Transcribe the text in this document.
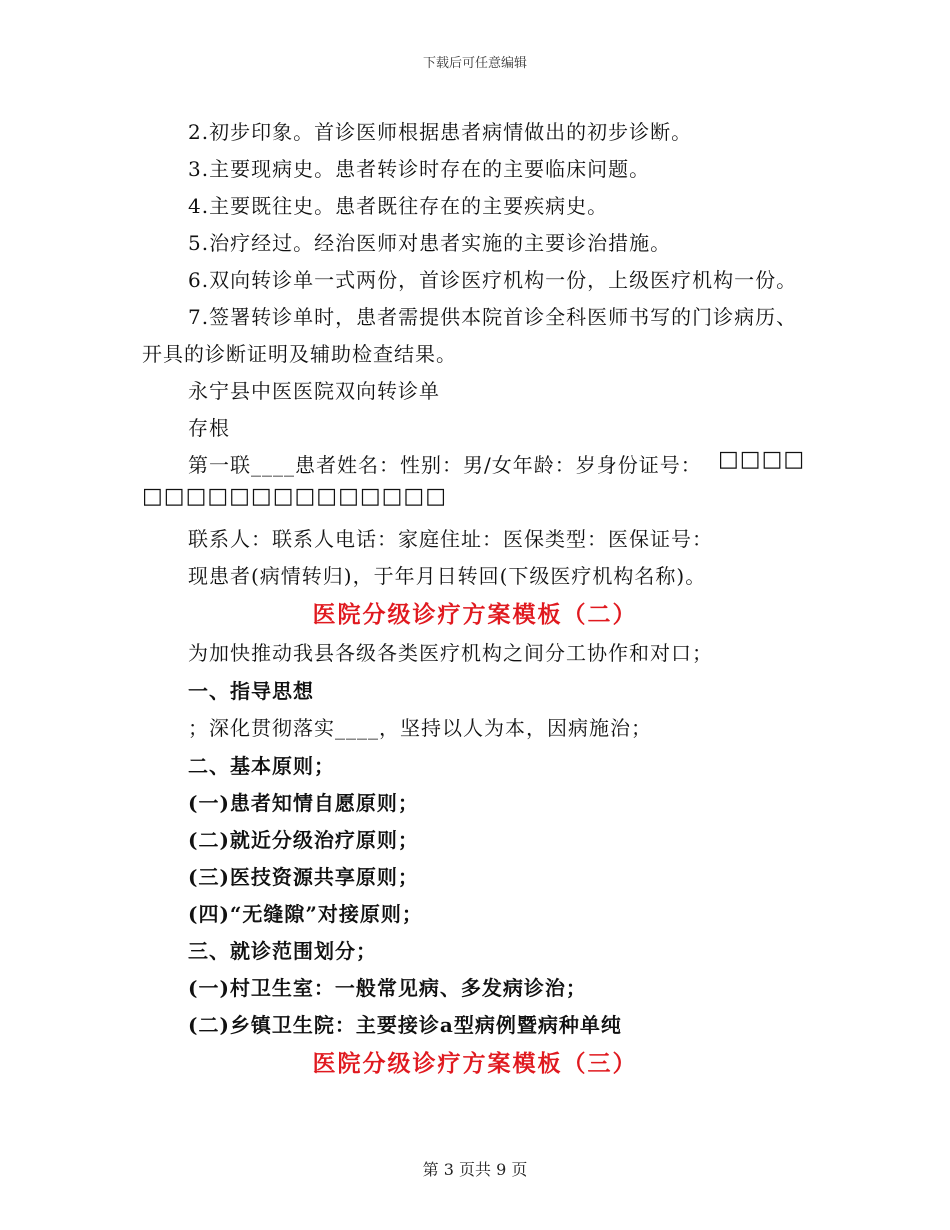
下载后可任意编辑
2.初步印象。首诊医师根据患者病情做出的初步诊断。
3.主要现病史。患者转诊时存在的主要临床问题。
4.主要既往史。患者既往存在的主要疾病史。
5.治疗经过。经治医师对患者实施的主要诊治措施。
6.双向转诊单一式两份，首诊医疗机构一份，上级医疗机构一份。
7.签署转诊单时，患者需提供本院首诊全科医师书写的门诊病历、
开具的诊断证明及辅助检查结果。
永宁县中医医院双向转诊单
存根
第一联____患者姓名：性别：男/女年龄：岁身份证号： □□□□
□□□□□□□□□□□□□□
联系人：联系人电话：家庭住址：医保类型：医保证号：
现患者(病情转归)，于年月日转回(下级医疗机构名称)。
医院分级诊疗方案模板（二）
为加快推动我县各级各类医疗机构之间分工协作和对口；
一、指导思想
；深化贯彻落实____，坚持以人为本，因病施治；
二、基本原则；
(一)患者知情自愿原则；
(二)就近分级治疗原则；
(三)医技资源共享原则；
(四)“无缝隙”对接原则；
三、就诊范围划分；
(一)村卫生室：一般常见病、多发病诊治；
(二)乡镇卫生院：主要接诊a型病例暨病种单纯
医院分级诊疗方案模板（三）
第 3 页共 9 页
